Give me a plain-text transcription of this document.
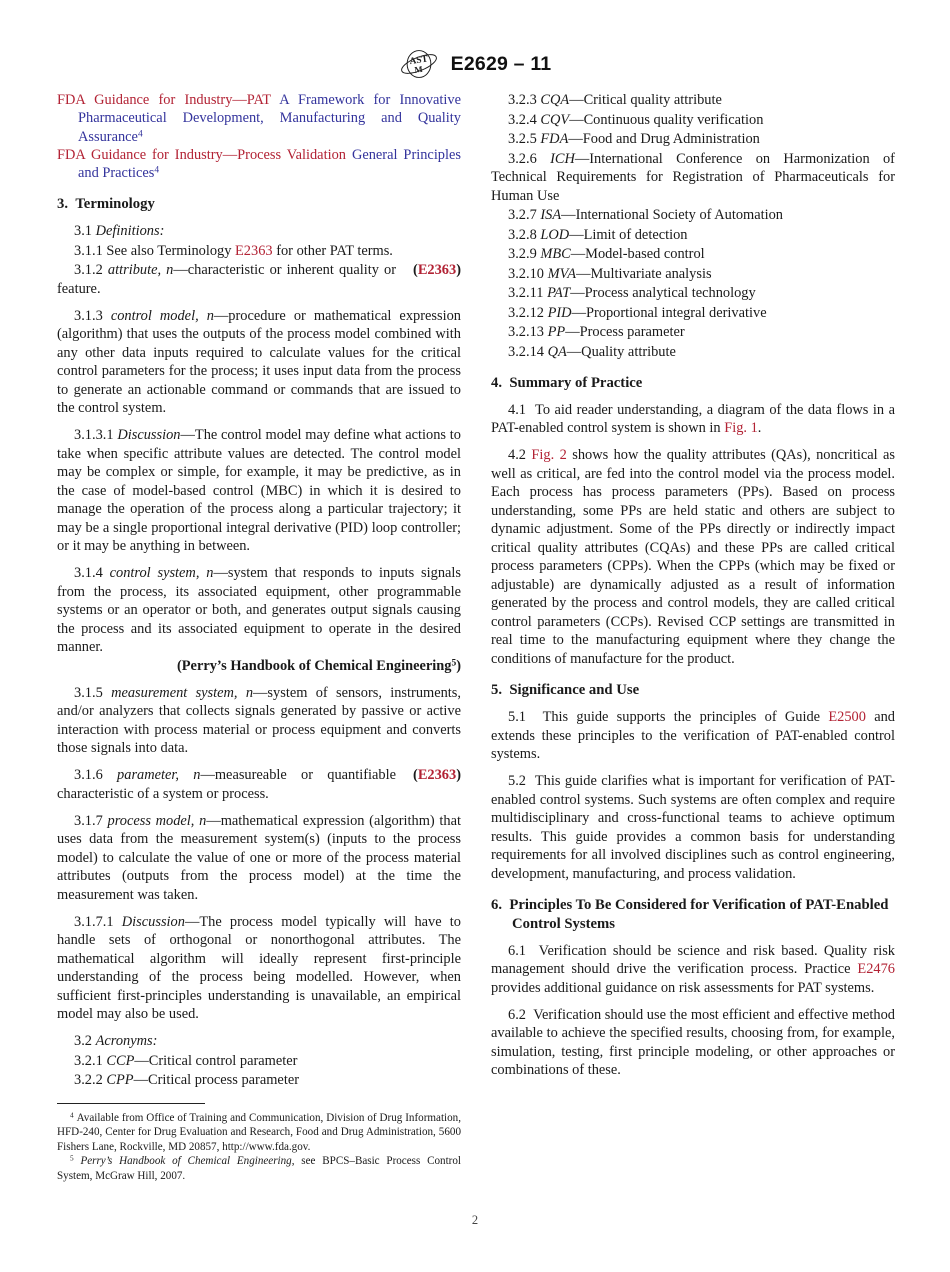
AST
M E2629 – 11

FDA Guidance for Industry—PAT A Framework for Innovative Pharmaceutical Development, Manufacturing and Quality Assurance$^4$

FDA Guidance for Industry—Process Validation General Principles and Practices$^4$

3. Terminology

3.1 Definitions:

3.1.1 See also Terminology E2363 for other PAT terms.

(E2363)
3.1.2 attribute, n—characteristic or inherent quality or feature.

3.1.3 control model, n—procedure or mathematical expression (algorithm) that uses the outputs of the process model combined with any other data inputs required to calculate values for the critical control parameters for the process; it uses input data from the process to generate an actionable command or commands that are issued to the control system.

3.1.3.1 Discussion—The control model may define what actions to take when specific attribute values are detected. The control model may be complex or simple, for example, it may be predictive, as in the case of model-based control (MBC) in which it is desired to manage the operation of the process along a particular trajectory; it may be a single proportional integral derivative (PID) loop controller; or it may be anything in between.

3.1.4 control system, n—system that responds to inputs signals from the process, its associated equipment, other programmable systems or an operator or both, and generates output signals causing the process and its associated equipment to operate in the desired manner.

(Perry’s Handbook of Chemical Engineering$^5$)

3.1.5 measurement system, n—system of sensors, instruments, and/or analyzers that collects signals generated by passive or active interaction with process material or process equipment and converts those signals into data.

(E2363)
3.1.6 parameter, n—measureable or quantifiable characteristic of a system or process.

3.1.7 process model, n—mathematical expression (algorithm) that uses data from the measurement system(s) (inputs to the process model) to calculate the value of one or more of the process material attributes (outputs from the process model) at the time the measurement was taken.

3.1.7.1 Discussion—The process model typically will have to handle sets of orthogonal or nonorthogonal attributes. The mathematical algorithm will ideally represent first-principle understanding of the process being modelled. However, when sufficient first-principles understanding is unavailable, an empirical model may also be used.

3.2 Acronyms:

3.2.1 CCP—Critical control parameter

3.2.2 CPP—Critical process parameter

3.2.3 CQA—Critical quality attribute

3.2.4 CQV—Continuous quality verification

3.2.5 FDA—Food and Drug Administration

3.2.6 ICH—International Conference on Harmonization of Technical Requirements for Registration of Pharmaceuticals for Human Use

3.2.7 ISA—International Society of Automation

3.2.8 LOD—Limit of detection

3.2.9 MBC—Model-based control

3.2.10 MVA—Multivariate analysis

3.2.11 PAT—Process analytical technology

3.2.12 PID—Proportional integral derivative

3.2.13 PP—Process parameter

3.2.14 QA—Quality attribute

4. Summary of Practice

4.1 To aid reader understanding, a diagram of the data flows in a PAT-enabled control system is shown in Fig. 1.

4.2 Fig. 2 shows how the quality attributes (QAs), noncritical as well as critical, are fed into the control model via the process model. Each process has process parameters (PPs). Based on process understanding, some PPs are held static and others are subject to dynamic adjustment. Some of the PPs directly or indirectly impact critical quality attributes (CQAs) and these PPs are called critical process parameters (CPPs). When the CPPs (which may be fixed or adjustable) are dynamically adjusted as a result of information generated by the process and control models, they are called critical control parameters (CCPs). Revised CCP settings are transmitted in real time to the manufacturing equipment where they change the conditions of manufacture for the product.

5. Significance and Use

5.1 This guide supports the principles of Guide E2500 and extends these principles to the verification of PAT-enabled control systems.

5.2 This guide clarifies what is important for verification of PAT-enabled control systems. Such systems are often complex and require multidisciplinary and cross-functional teams to achieve optimum results. This guide provides a common basis for understanding requirements for all involved disciplines such as control engineering, development, manufacturing, and process validation.

6. Principles To Be Considered for Verification of PAT-Enabled Control Systems

6.1 Verification should be science and risk based. Quality risk management should drive the verification process. Practice E2476 provides additional guidance on risk assessments for PAT systems.

6.2 Verification should use the most efficient and effective method available to achieve the specified results, choosing from, for example, simulation, testing, first principle modeling, or other approaches or combinations of these.

$^4$ Available from Office of Training and Communication, Division of Drug Information, HFD-240, Center for Drug Evaluation and Research, Food and Drug Administration, 5600 Fishers Lane, Rockville, MD 20857, http://www.fda.gov.

$^5$ Perry’s Handbook of Chemical Engineering, see BPCS–Basic Process Control System, McGraw Hill, 2007.

2
